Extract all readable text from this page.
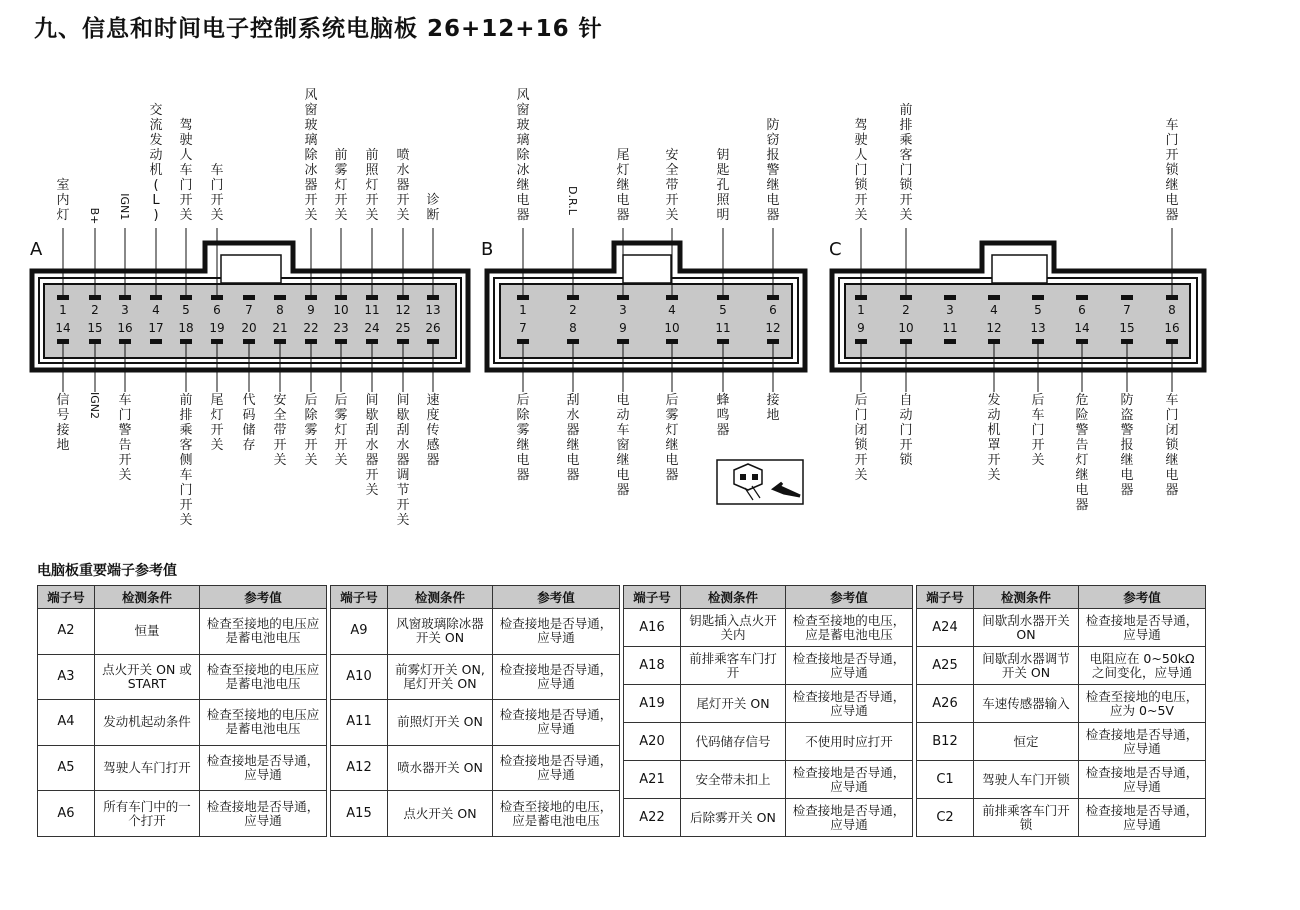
九、信息和时间电子控制系统电脑板 26+12+16 针
A
1
室内灯
2
B+
3
IGN1
4
交流发动机( L )
5
驾驶人车门开关
6
车门开关
7 8 9
风窗玻璃除冰器开关
10
前雾灯开关
11
前照灯开关
12
喷水器开关
13
诊断
14
信号接地
15
IGN2
16
车门警告开关
17 18
前排乘客侧车门开关
19
尾灯开关
20
代码储存
21
安全带开关
22
后除雾开关
23
后雾灯开关
24
间歇刮水器开关
25
间歇刮水器调节开关
26
速度传感器
B
1
风窗玻璃除冰继电器
2
D.R.L
3
尾灯继电器
4
安全带开关
5
钥匙孔照明
6
防窃报警继电器
7
后除雾继电器
8
刮水器继电器
9
电动车窗继电器
10
后雾灯继电器
11
蜂鸣器
12
接地
C
1
驾驶人门锁开关
2
前排乘客门锁开关
3	4	5	6	7	8
车门开锁继电器
9
后门闭锁开关
10
自动门开锁
11 12
发动机罩开关
13
后车门开关
14
危险警告灯继电器
15
防盗警报继电器
16
车门闭锁继电器
电脑板重要端子参考值
端子号	检测条件	参考值
A2	恒量	检查至接地的电压应是蓄电池电压
A3	点火开关 ON 或 START	检查至接地的电压应是蓄电池电压
A4	发动机起动条件	检查至接地的电压应是蓄电池电压
A5	驾驶人车门打开	检查接地是否导通，应导通
A6	所有车门中的一个打开	检查接地是否导通，应导通
端子号	检测条件	参考值
A9	风窗玻璃除冰器开关 ON	检查接地是否导通，应导通
A10	前雾灯开关 ON, 尾灯开关 ON	检查接地是否导通，应导通
A11	前照灯开关 ON	检查接地是否导通，应导通
A12	喷水器开关 ON	检查接地是否导通，应导通
A15	点火开关 ON	检查至接地的电压，应是蓄电池电压
端子号	检测条件	参考值
A16	钥匙插入点火开关内	检查至接地的电压，应是蓄电池电压
A18	前排乘客车门打开	检查接地是否导通，应导通
A19	尾灯开关 ON	检查接地是否导通，应导通
A20	代码储存信号	不使用时应打开
A21	安全带未扣上	检查接地是否导通，应导通
A22	后除雾开关 ON	检查接地是否导通，应导通
端子号	检测条件	参考值
A24	间歇刮水器开关 ON	检查接地是否导通，应导通
A25	间歇刮水器调节开关 ON	电阻应在 0~50kΩ 之间变化，应导通
A26	车速传感器输入	检查至接地的电压，应为 0~5V
B12	恒定	检查接地是否导通，应导通
C1	驾驶人车门开锁	检查接地是否导通，应导通
C2	前排乘客车门开锁	检查接地是否导通，应导通
